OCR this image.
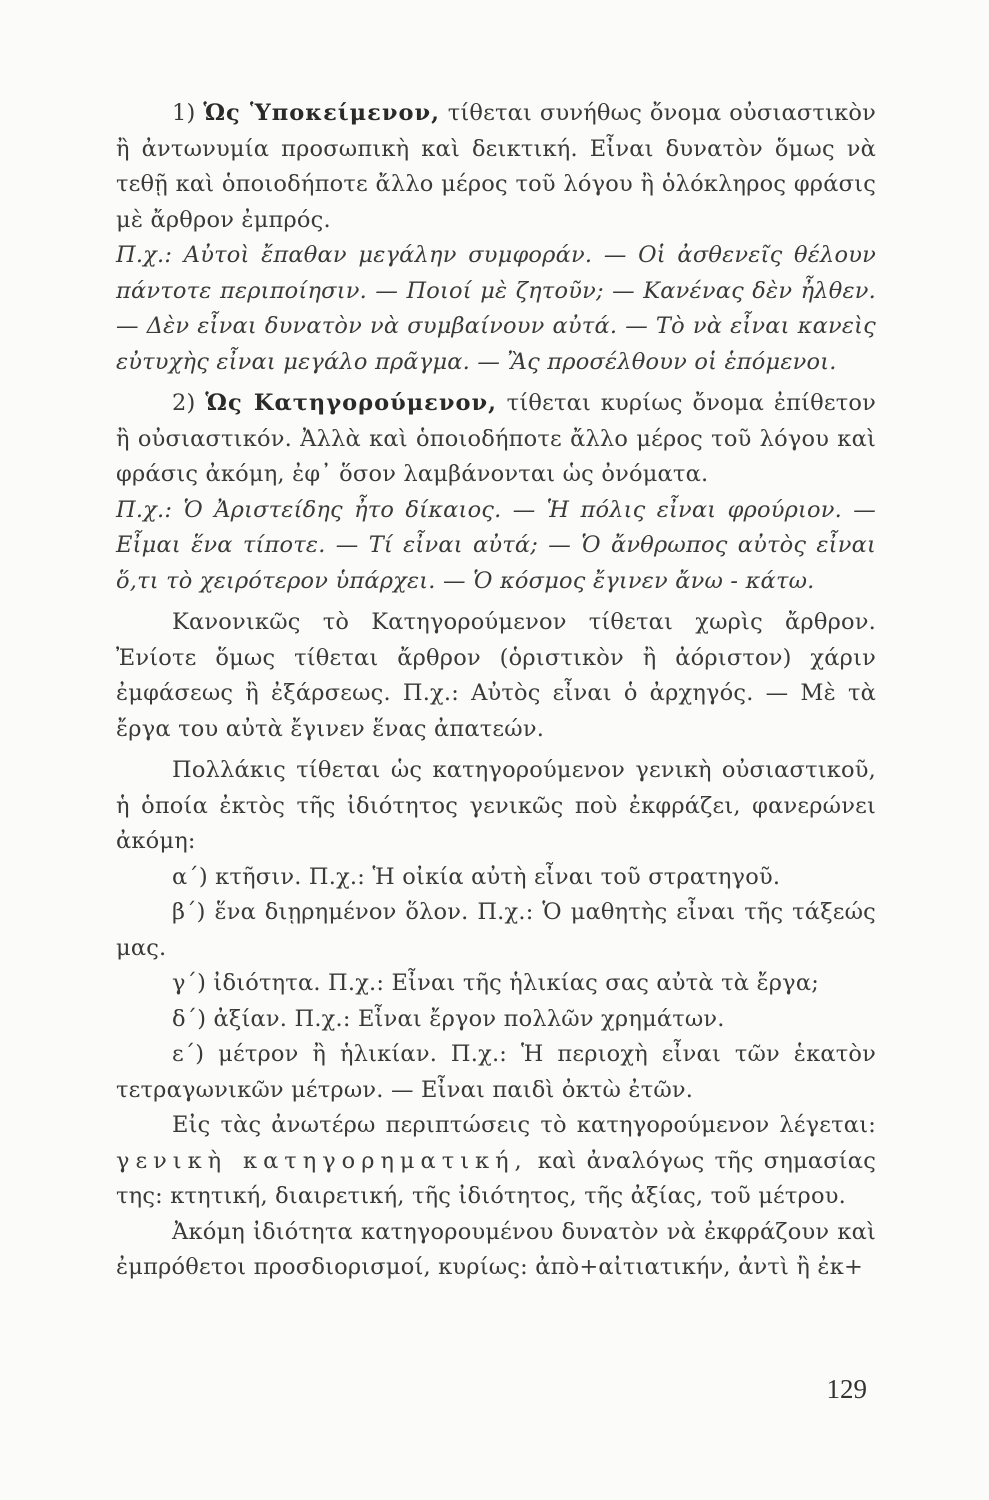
1) Ὡς Ὑποκείμενον, τίθεται συνήθως ὄνομα οὐσιαστικὸν ἢ ἀντωνυμία προσωπικὴ καὶ δεικτική. Εἶναι δυνατὸν ὅμως νὰ τεθῇ καὶ ὁποιοδήποτε ἄλλο μέρος τοῦ λόγου ἢ ὁλόκληρος φράσις μὲ ἄρθρον ἐμπρός.

Π.χ.: Αὐτοὶ ἔπαθαν μεγάλην συμφοράν. — Οἱ ἀσθενεῖς θέλουν πάντοτε περιποίησιν. — Ποιοί μὲ ζητοῦν; — Κανένας δὲν ἦλθεν. — Δὲν εἶναι δυνατὸν νὰ συμβαίνουν αὐτά. — Τὸ νὰ εἶναι κανεὶς εὐτυχὴς εἶναι μεγάλο πρᾶγμα. — Ἂς προσέλθουν οἱ ἑπόμενοι.

2) Ὡς Κατηγορούμενον, τίθεται κυρίως ὄνομα ἐπίθετον ἢ οὐσιαστικόν. Ἀλλὰ καὶ ὁποιοδήποτε ἄλλο μέρος τοῦ λόγου καὶ φράσις ἀκόμη, ἐφ᾽ ὅσον λαμβάνονται ὡς ὀνόματα.

Π.χ.: Ὁ Ἀριστείδης ἦτο δίκαιος. — Ἡ πόλις εἶναι φρούριον. — Εἶμαι ἕνα τίποτε. — Τί εἶναι αὐτά; — Ὁ ἄνθρωπος αὐτὸς εἶναι ὅ,τι τὸ χειρότερον ὑπάρχει. — Ὁ κόσμος ἔγινεν ἄνω - κάτω.

Κανονικῶς τὸ Κατηγορούμενον τίθεται χωρὶς ἄρθρον. Ἐνίοτε ὅμως τίθεται ἄρθρον (ὁριστικὸν ἢ ἀόριστον) χάριν ἐμφάσεως ἢ ἐξάρσεως. Π.χ.: Αὐτὸς εἶναι ὁ ἀρχηγός. — Μὲ τὰ ἔργα του αὐτὰ ἔγινεν ἕνας ἀπατεών.

Πολλάκις τίθεται ὡς κατηγορούμενον γενικὴ οὐσιαστικοῦ, ἡ ὁποία ἐκτὸς τῆς ἰδιότητος γενικῶς ποὺ ἐκφράζει, φανερώνει ἀκόμη:

α΄) κτῆσιν. Π.χ.: Ἡ οἰκία αὐτὴ εἶναι τοῦ στρατηγοῦ.

β΄) ἕνα διῃρημένον ὅλον. Π.χ.: Ὁ μαθητὴς εἶναι τῆς τάξεώς μας.

γ΄) ἰδιότητα. Π.χ.: Εἶναι τῆς ἡλικίας σας αὐτὰ τὰ ἔργα;

δ΄) ἀξίαν. Π.χ.: Εἶναι ἔργον πολλῶν χρημάτων.

ε΄) μέτρον ἢ ἡλικίαν. Π.χ.: Ἡ περιοχὴ εἶναι τῶν ἑκατὸν τετραγωνικῶν μέτρων. — Εἶναι παιδὶ ὀκτὼ ἐτῶν.

Εἰς τὰς ἀνωτέρω περιπτώσεις τὸ κατηγορούμενον λέγεται: γενικὴ κατηγορηματική, καὶ ἀναλόγως τῆς σημασίας της: κτητική, διαιρετική, τῆς ἰδιότητος, τῆς ἀξίας, τοῦ μέτρου.

Ἀκόμη ἰδιότητα κατηγορουμένου δυνατὸν νὰ ἐκφράζουν καὶ ἐμπρόθετοι προσδιορισμοί, κυρίως: ἀπὸ+αἰτιατικήν, ἀντὶ ἢ ἐκ+

129
